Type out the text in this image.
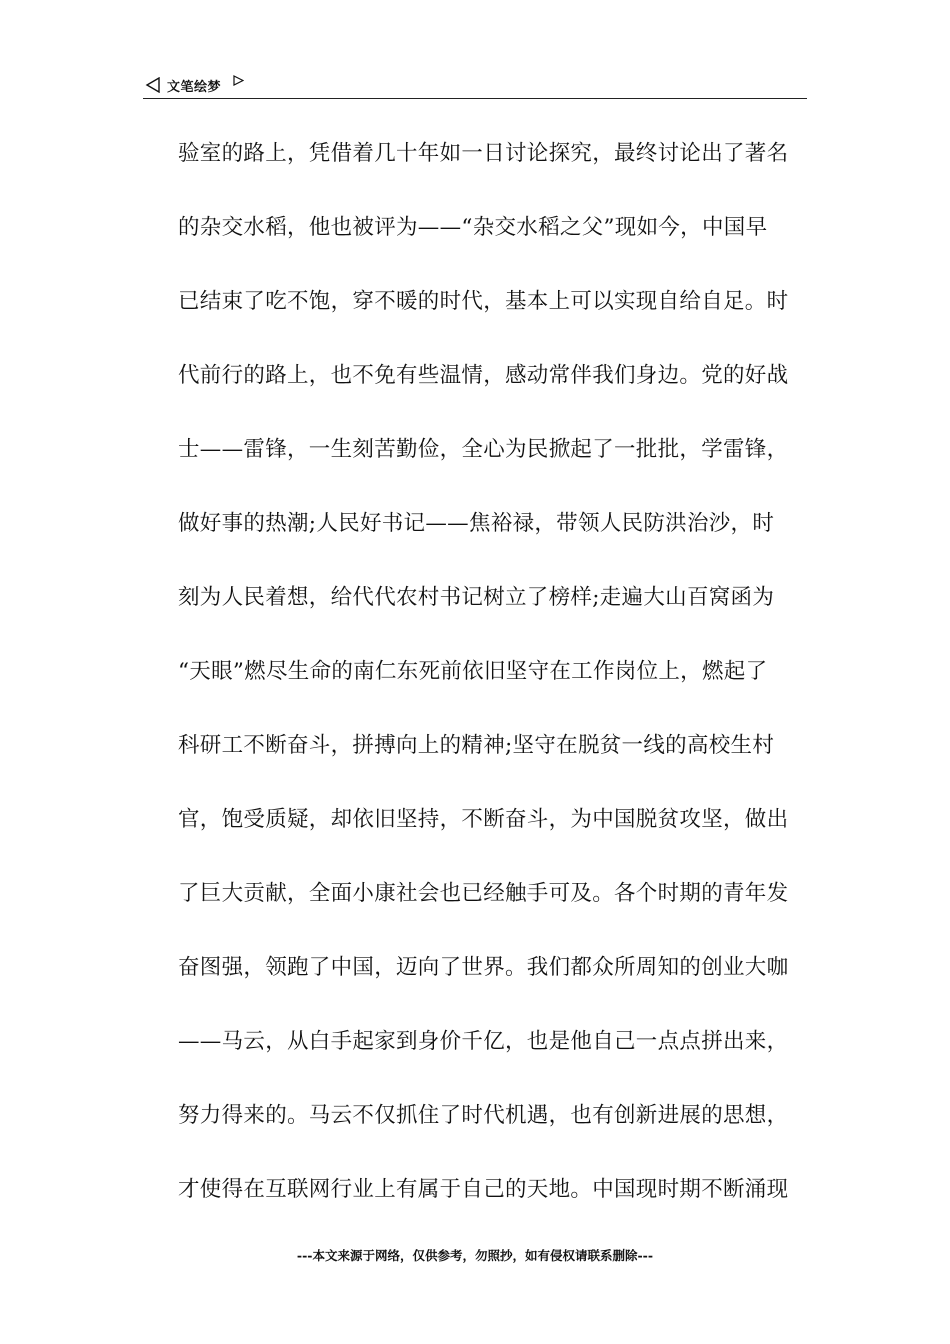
文笔绘梦
验室的路上，凭借着几十年如一日讨论探究，最终讨论出了著名
的杂交水稻，他也被评为——“杂交水稻之父”现如今，中国早
已结束了吃不饱，穿不暖的时代，基本上可以实现自给自足。时
代前行的路上，也不免有些温情，感动常伴我们身边。党的好战
士——雷锋，一生刻苦勤俭，全心为民掀起了一批批，学雷锋，
做好事的热潮;人民好书记——焦裕禄，带领人民防洪治沙，时
刻为人民着想，给代代农村书记树立了榜样;走遍大山百窝函为
“天眼”燃尽生命的南仁东死前依旧坚守在工作岗位上，燃起了
科研工不断奋斗，拼搏向上的精神;坚守在脱贫一线的高校生村
官，饱受质疑，却依旧坚持，不断奋斗，为中国脱贫攻坚，做出
了巨大贡献，全面小康社会也已经触手可及。各个时期的青年发
奋图强，领跑了中国，迈向了世界。我们都众所周知的创业大咖
——马云，从白手起家到身价千亿，也是他自己一点点拼出来，
努力得来的。马云不仅抓住了时代机遇，也有创新进展的思想，
才使得在互联网行业上有属于自己的天地。中国现时期不断涌现
---本文来源于网络，仅供参考，勿照抄，如有侵权请联系删除---
